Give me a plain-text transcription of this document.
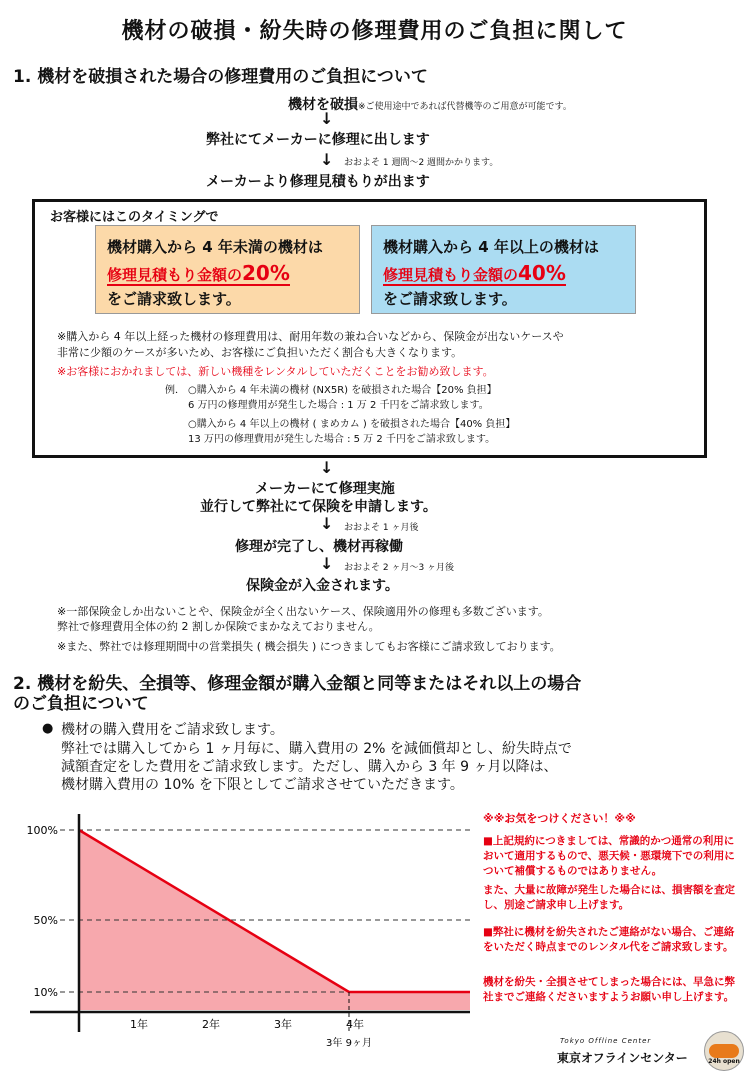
機材の破損・紛失時の修理費用のご負担に関して
1. 機材を破損された場合の修理費用のご負担について
機材を破損※ご使用途中であれば代替機等のご用意が可能です。
↓
弊社にてメーカーに修理に出します
↓ おおよそ 1 週間～2 週間かかります。
メーカーより修理見積もりが出ます
お客様にはこのタイミングで
機材購入から 4 年未満の機材は
修理見積もり金額の20%
をご請求致します。
機材購入から 4 年以上の機材は
修理見積もり金額の40%
をご請求致します。
※購入から 4 年以上経った機材の修理費用は、耐用年数の兼ね合いなどから、保険金が出ないケースや
非常に少額のケースが多いため、お客様にご負担いただく割合も大きくなります。
※お客様におかれましては、新しい機種をレンタルしていただくことをお勧め致します。
例． ○購入から 4 年未満の機材 (NX5R) を破損された場合【20% 負担】
6 万円の修理費用が発生した場合 : 1 万 2 千円をご請求致します。
○購入から 4 年以上の機材 ( まめカム ) を破損された場合【40% 負担】
13 万円の修理費用が発生した場合 : 5 万 2 千円をご請求致します。
↓
メーカーにて修理実施
並行して弊社にて保険を申請します。
↓ おおよそ 1 ヶ月後
修理が完了し、機材再稼働
↓ おおよそ 2 ヶ月～3 ヶ月後
保険金が入金されます。
※一部保険金しか出ないことや、保険金が全く出ないケース、保険適用外の修理も多数ございます。
弊社で修理費用全体の約 2 割しか保険でまかなえておりません。
※また、弊社では修理期間中の営業損失 ( 機会損失 ) につきましてもお客様にご請求致しております。
2. 機材を紛失、全損等、修理金額が購入金額と同等またはそれ以上の場合
のご負担について
● 機材の購入費用をご請求致します。
弊社では購入してから 1 ヶ月毎に、購入費用の 2% を減価償却とし、紛失時点で
減額査定をした費用をご請求致します。ただし、購入から 3 年 9 ヶ月以降は、
機材購入費用の 10% を下限としてご請求させていただきます。
100%
50%
10%
1年	2年	3年	4年
3年 9ヶ月
※※お気をつけください！※※
■上記規約につきましては、常識的かつ通常の利用において適用するもので、悪天候・悪環境下での利用について補償するものではありません。
また、大量に故障が発生した場合には、損害額を査定し、別途ご請求申し上げます。
■弊社に機材を紛失されたご連絡がない場合、ご連絡をいただく時点までのレンタル代をご請求致します。
機材を紛失・全損させてしまった場合には、早急に弊社までご連絡くださいますようお願い申し上げます。
Tokyo Offline Center
東京オフラインセンター	24h open
